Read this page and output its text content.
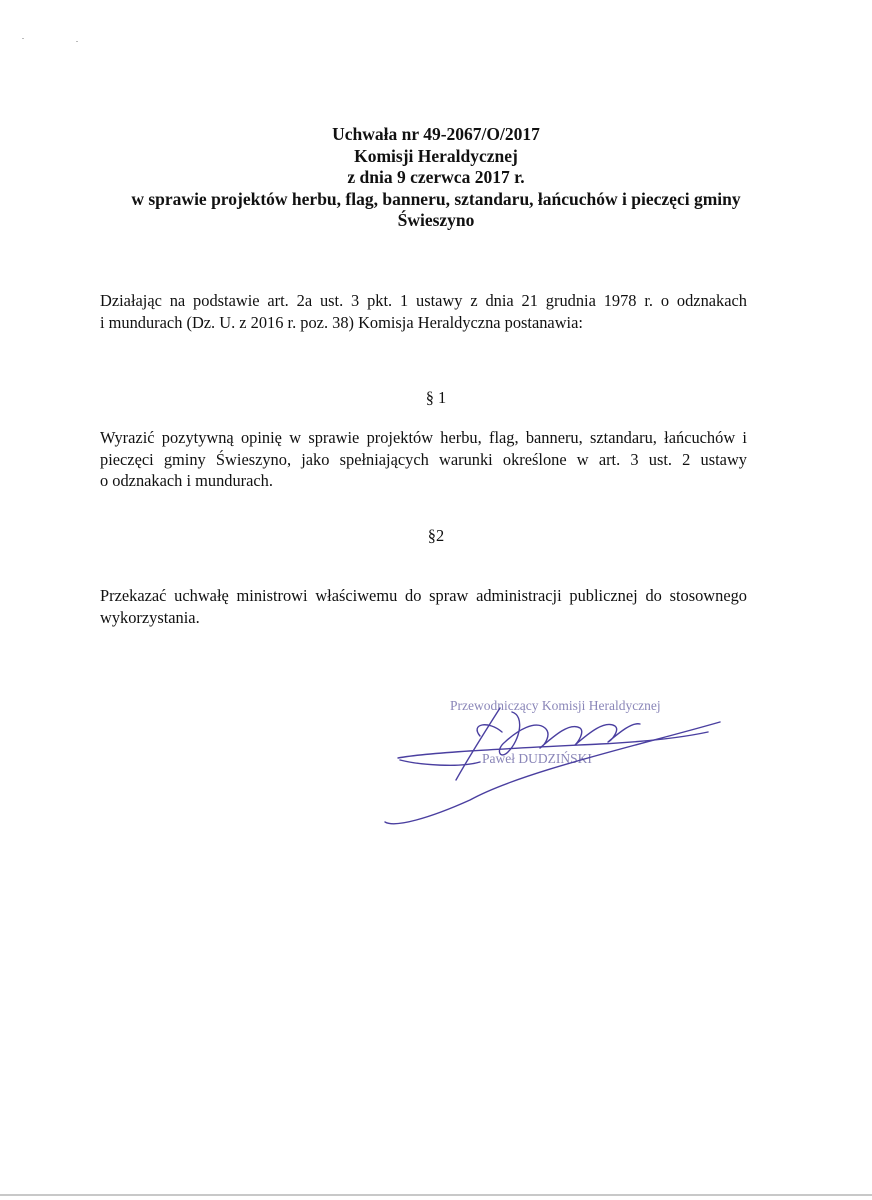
Uchwała nr 49-2067/O/2017
Komisji Heraldycznej
z dnia 9 czerwca 2017 r.
w sprawie projektów herbu, flag, banneru, sztandaru, łańcuchów i pieczęci gminy
Świeszyno
Działając na podstawie art. 2a ust. 3 pkt. 1 ustawy z dnia 21 grudnia 1978 r. o odznakach
i mundurach (Dz. U. z 2016 r. poz. 38) Komisja Heraldyczna postanawia:
§ 1
Wyrazić pozytywną opinię w sprawie projektów herbu, flag, banneru, sztandaru, łańcuchów i
pieczęci gminy Świeszyno, jako spełniających warunki określone w art. 3 ust. 2 ustawy
o odznakach i mundurach.
§2
Przekazać uchwałę ministrowi właściwemu do spraw administracji publicznej do stosownego
wykorzystania.
Przewodniczący Komisji Heraldycznej
Paweł DUDZIŃSKI
